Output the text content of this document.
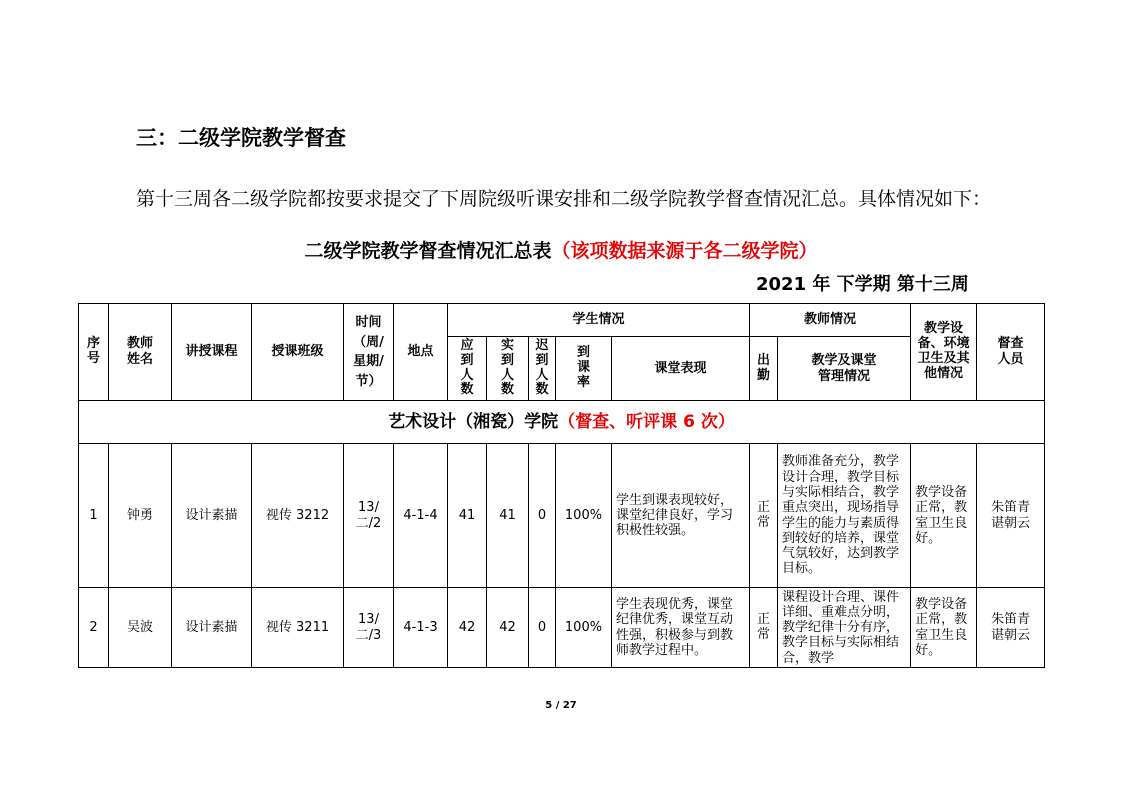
三：二级学院教学督查

第十三周各二级学院都按要求提交了下周院级听课安排和二级学院教学督查情况汇总。具体情况如下：

二级学院教学督查情况汇总表（该项数据来源于各二级学院）
2021 年 下学期 第十三周
序号	教师姓名	讲授课程	授课班级	时间（周/星期/节）	地点	学生情况					教师情况		教学设备、环境卫生及其他情况	督查人员

						应到人数	实到人数	迟到人数	到课率	课堂表现	出勤	教学及课堂管理情况		

艺术设计（湘瓷）学院（督查、听评课 6 次）														
1	钟勇	设计素描	视传 3212	13/二/2	4-1-4	41	41	0	100%	学生到课表现较好，课堂纪律良好，学习积极性较强。	正常	教师准备充分，教学设计合理，教学目标与实际相结合，教学重点突出，现场指导学生的能力与素质得到较好的培养，课堂气氛较好，达到教学目标。	教学设备正常，教室卫生良好。	朱笛青谌朝云

2	吴波	设计素描	视传 3211	13/二/3	4-1-3	42	42	0	100%	学生表现优秀，课堂纪律优秀，课堂互动性强，积极参与到教师教学过程中。	正常	课程设计合理、课件详细、重难点分明，教学纪律十分有序，教学目标与实际相结合，教学	教学设备正常，教室卫生良好。	朱笛青谌朝云
5 / 27
